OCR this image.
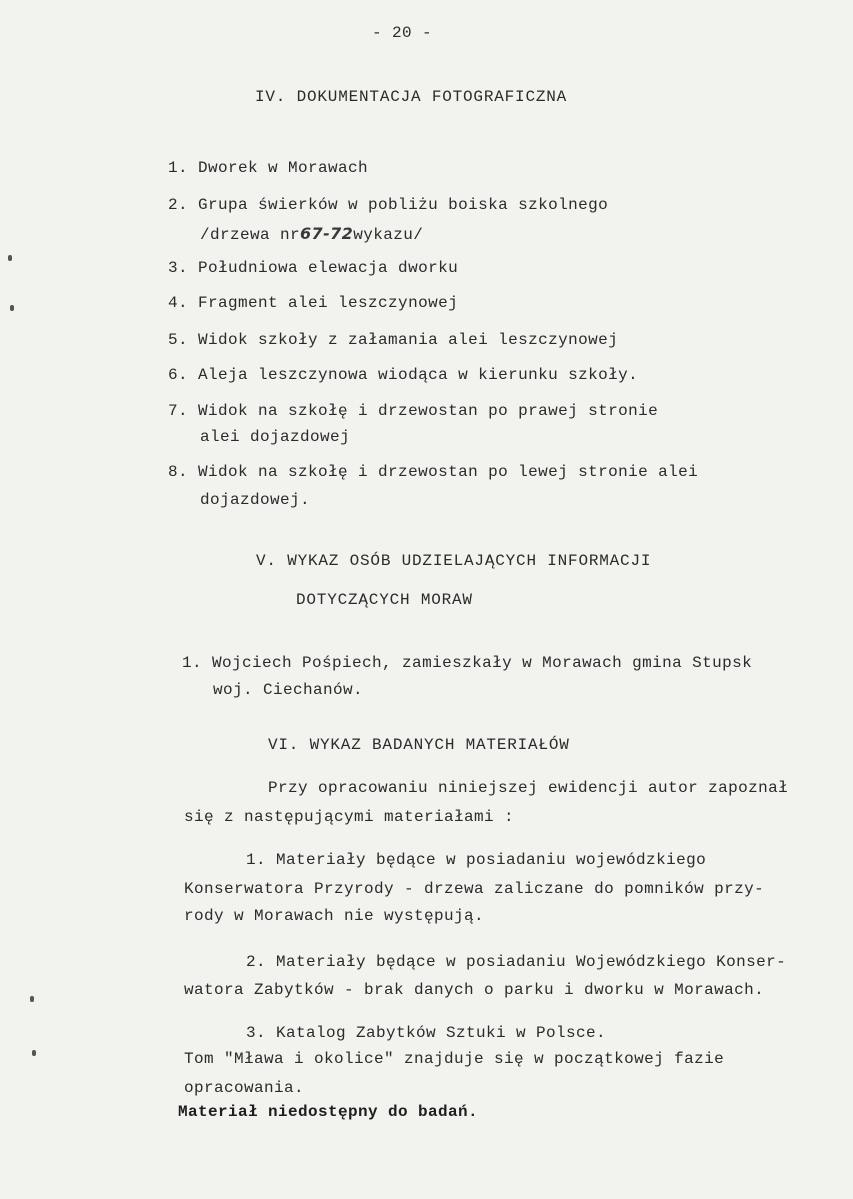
- 20 -
IV. DOKUMENTACJA FOTOGRAFICZNA
1. Dworek w Morawach
2. Grupa świerków w pobliżu boiska szkolnego
/drzewa nr67-72wykazu/
3. Południowa elewacja dworku
4. Fragment alei leszczynowej
5. Widok szkoły z załamania alei leszczynowej
6. Aleja leszczynowa wiodąca w kierunku szkoły.
7. Widok na szkołę i drzewostan po prawej stronie
alei dojazdowej
8. Widok na szkołę i drzewostan po lewej stronie alei
dojazdowej.
V. WYKAZ OSÓB UDZIELAJĄCYCH INFORMACJI
DOTYCZĄCYCH MORAW
1. Wojciech Pośpiech, zamieszkały w Morawach gmina Stupsk
woj. Ciechanów.
VI. WYKAZ BADANYCH MATERIAŁÓW
Przy opracowaniu niniejszej ewidencji autor zapoznał
się z następującymi materiałami :
1. Materiały będące w posiadaniu wojewódzkiego
Konserwatora Przyrody - drzewa zaliczane do pomników przy-
rody w Morawach nie występują.
2. Materiały będące w posiadaniu Wojewódzkiego Konser-
watora Zabytków - brak danych o parku i dworku w Morawach.
3. Katalog Zabytków Sztuki w Polsce.
Tom "Mława i okolice" znajduje się w początkowej fazie
opracowania.
Materiał niedostępny do badań.
